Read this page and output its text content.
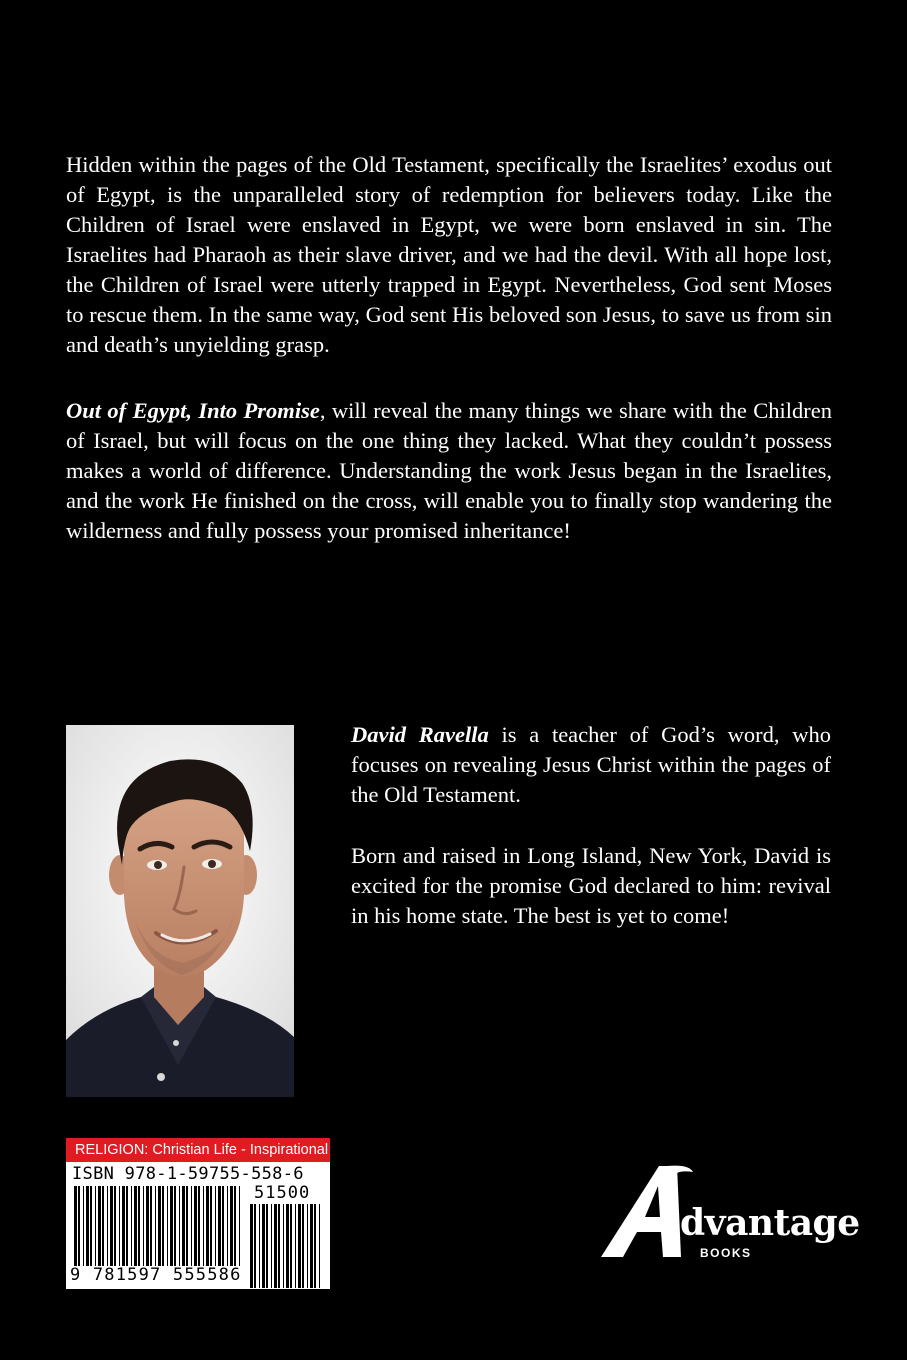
Hidden within the pages of the Old Testament, specifically the Israelites’ exodus out of Egypt, is the unparalleled story of redemption for believers today. Like the Children of Israel were enslaved in Egypt, we were born enslaved in sin. The Israelites had Pharaoh as their slave driver, and we had the devil. With all hope lost, the Children of Israel were utterly trapped in Egypt. Nevertheless, God sent Moses to rescue them. In the same way, God sent His beloved son Jesus, to save us from sin and death’s unyielding grasp.

Out of Egypt, Into Promise, will reveal the many things we share with the Children of Israel, but will focus on the one thing they lacked. What they couldn’t possess makes a world of difference. Understanding the work Jesus began in the Israelites, and the work He finished on the cross, will enable you to finally stop wandering the wilderness and fully possess your promised inheritance!

David Ravella is a teacher of God’s word, who focuses on revealing Jesus Christ within the pages of the Old Testament.

Born and raised in Long Island, New York, David is excited for the promise God declared to him: revival in his home state. The best is yet to come!

RELIGION: Christian Life - Inspirational
ISBN 978-1-59755-558-6
51500
9 781597 555586
dvantage
BOOKS
